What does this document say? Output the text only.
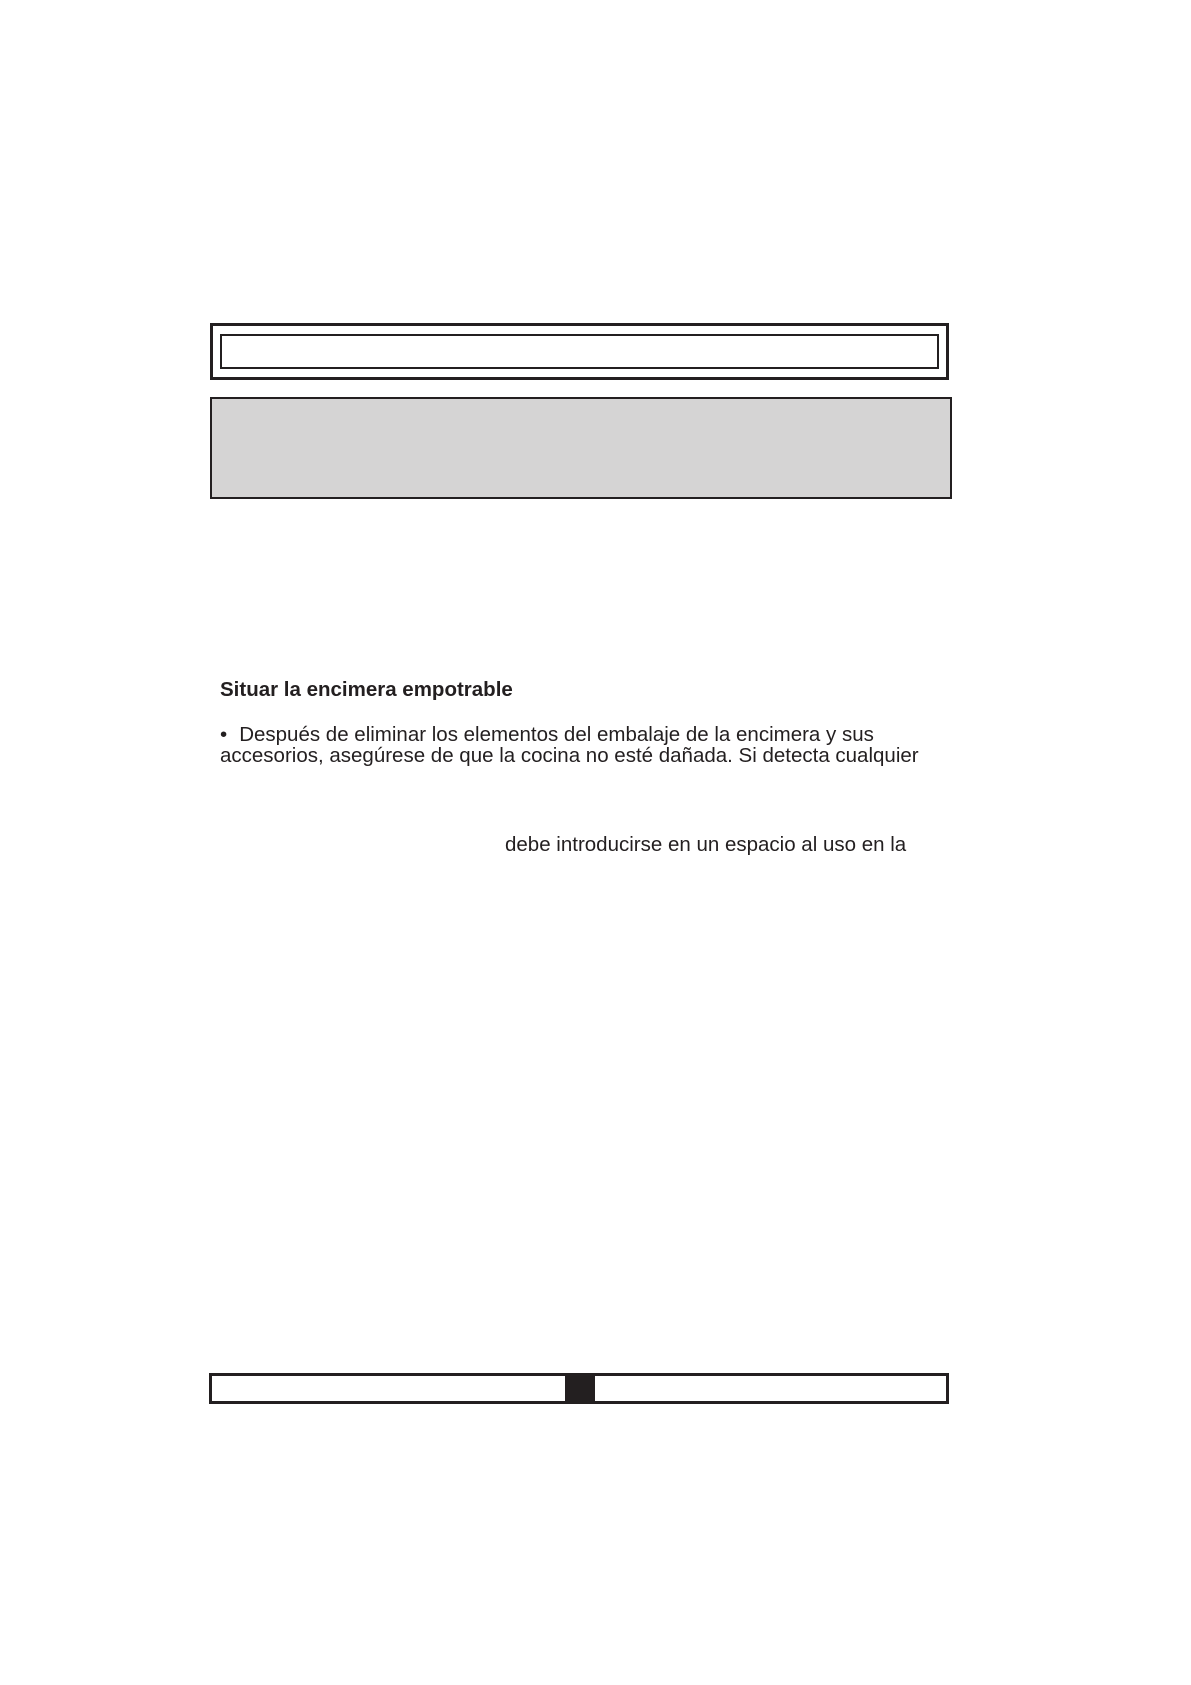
Situar la encimera empotrable

• Después de eliminar los elementos del embalaje de la encimera y sus

accesorios, asegúrese de que la cocina no esté dañada. Si detecta cualquier

debe introducirse en un espacio al uso en la
